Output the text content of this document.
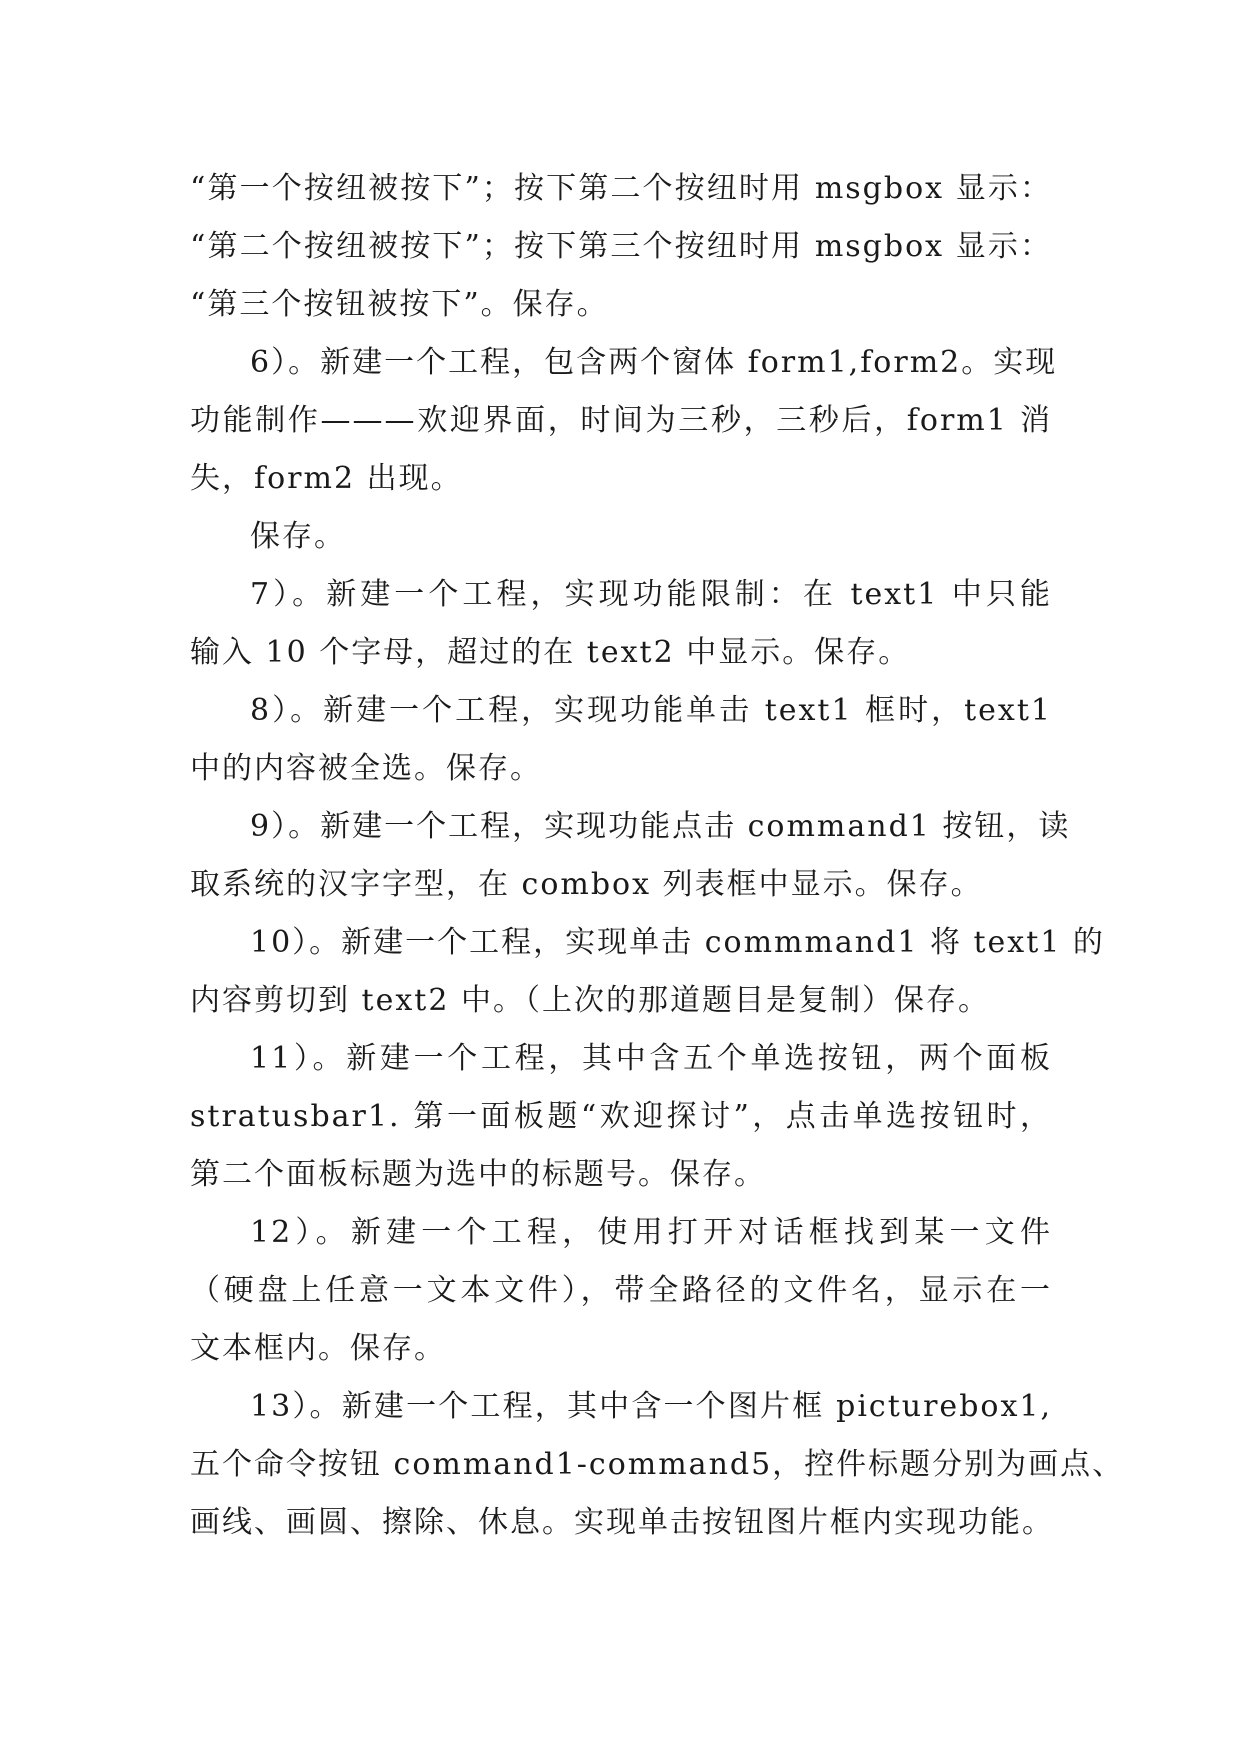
“第一个按纽被按下”；按下第二个按纽时用 msgbox 显示：
“第二个按纽被按下”；按下第三个按纽时用 msgbox 显示：
“第三个按钮被按下”。保存。
6）。新建一个工程，包含两个窗体 form1,form2。实现
功能制作———欢迎界面，时间为三秒，三秒后，form1 消
失，form2 出现。
保存。
7）。新建一个工程，实现功能限制：在 text1 中只能
输入 10 个字母，超过的在 text2 中显示。保存。
8）。新建一个工程，实现功能单击 text1 框时，text1
中的内容被全选。保存。
9）。新建一个工程，实现功能点击 command1 按钮，读
取系统的汉字字型，在 combox 列表框中显示。保存。
10）。新建一个工程，实现单击 commmand1 将 text1 的
内容剪切到 text2 中。（上次的那道题目是复制）保存。
11）。新建一个工程，其中含五个单选按钮，两个面板
stratusbar1. 第一面板题“欢迎探讨”，点击单选按钮时，
第二个面板标题为选中的标题号。保存。
12）。新建一个工程，使用打开对话框找到某一文件
（硬盘上任意一文本文件），带全路径的文件名，显示在一
文本框内。保存。
13）。新建一个工程，其中含一个图片框 picturebox1,
五个命令按钮 command1-command5，控件标题分别为画点、
画线、画圆、擦除、休息。实现单击按钮图片框内实现功能。
